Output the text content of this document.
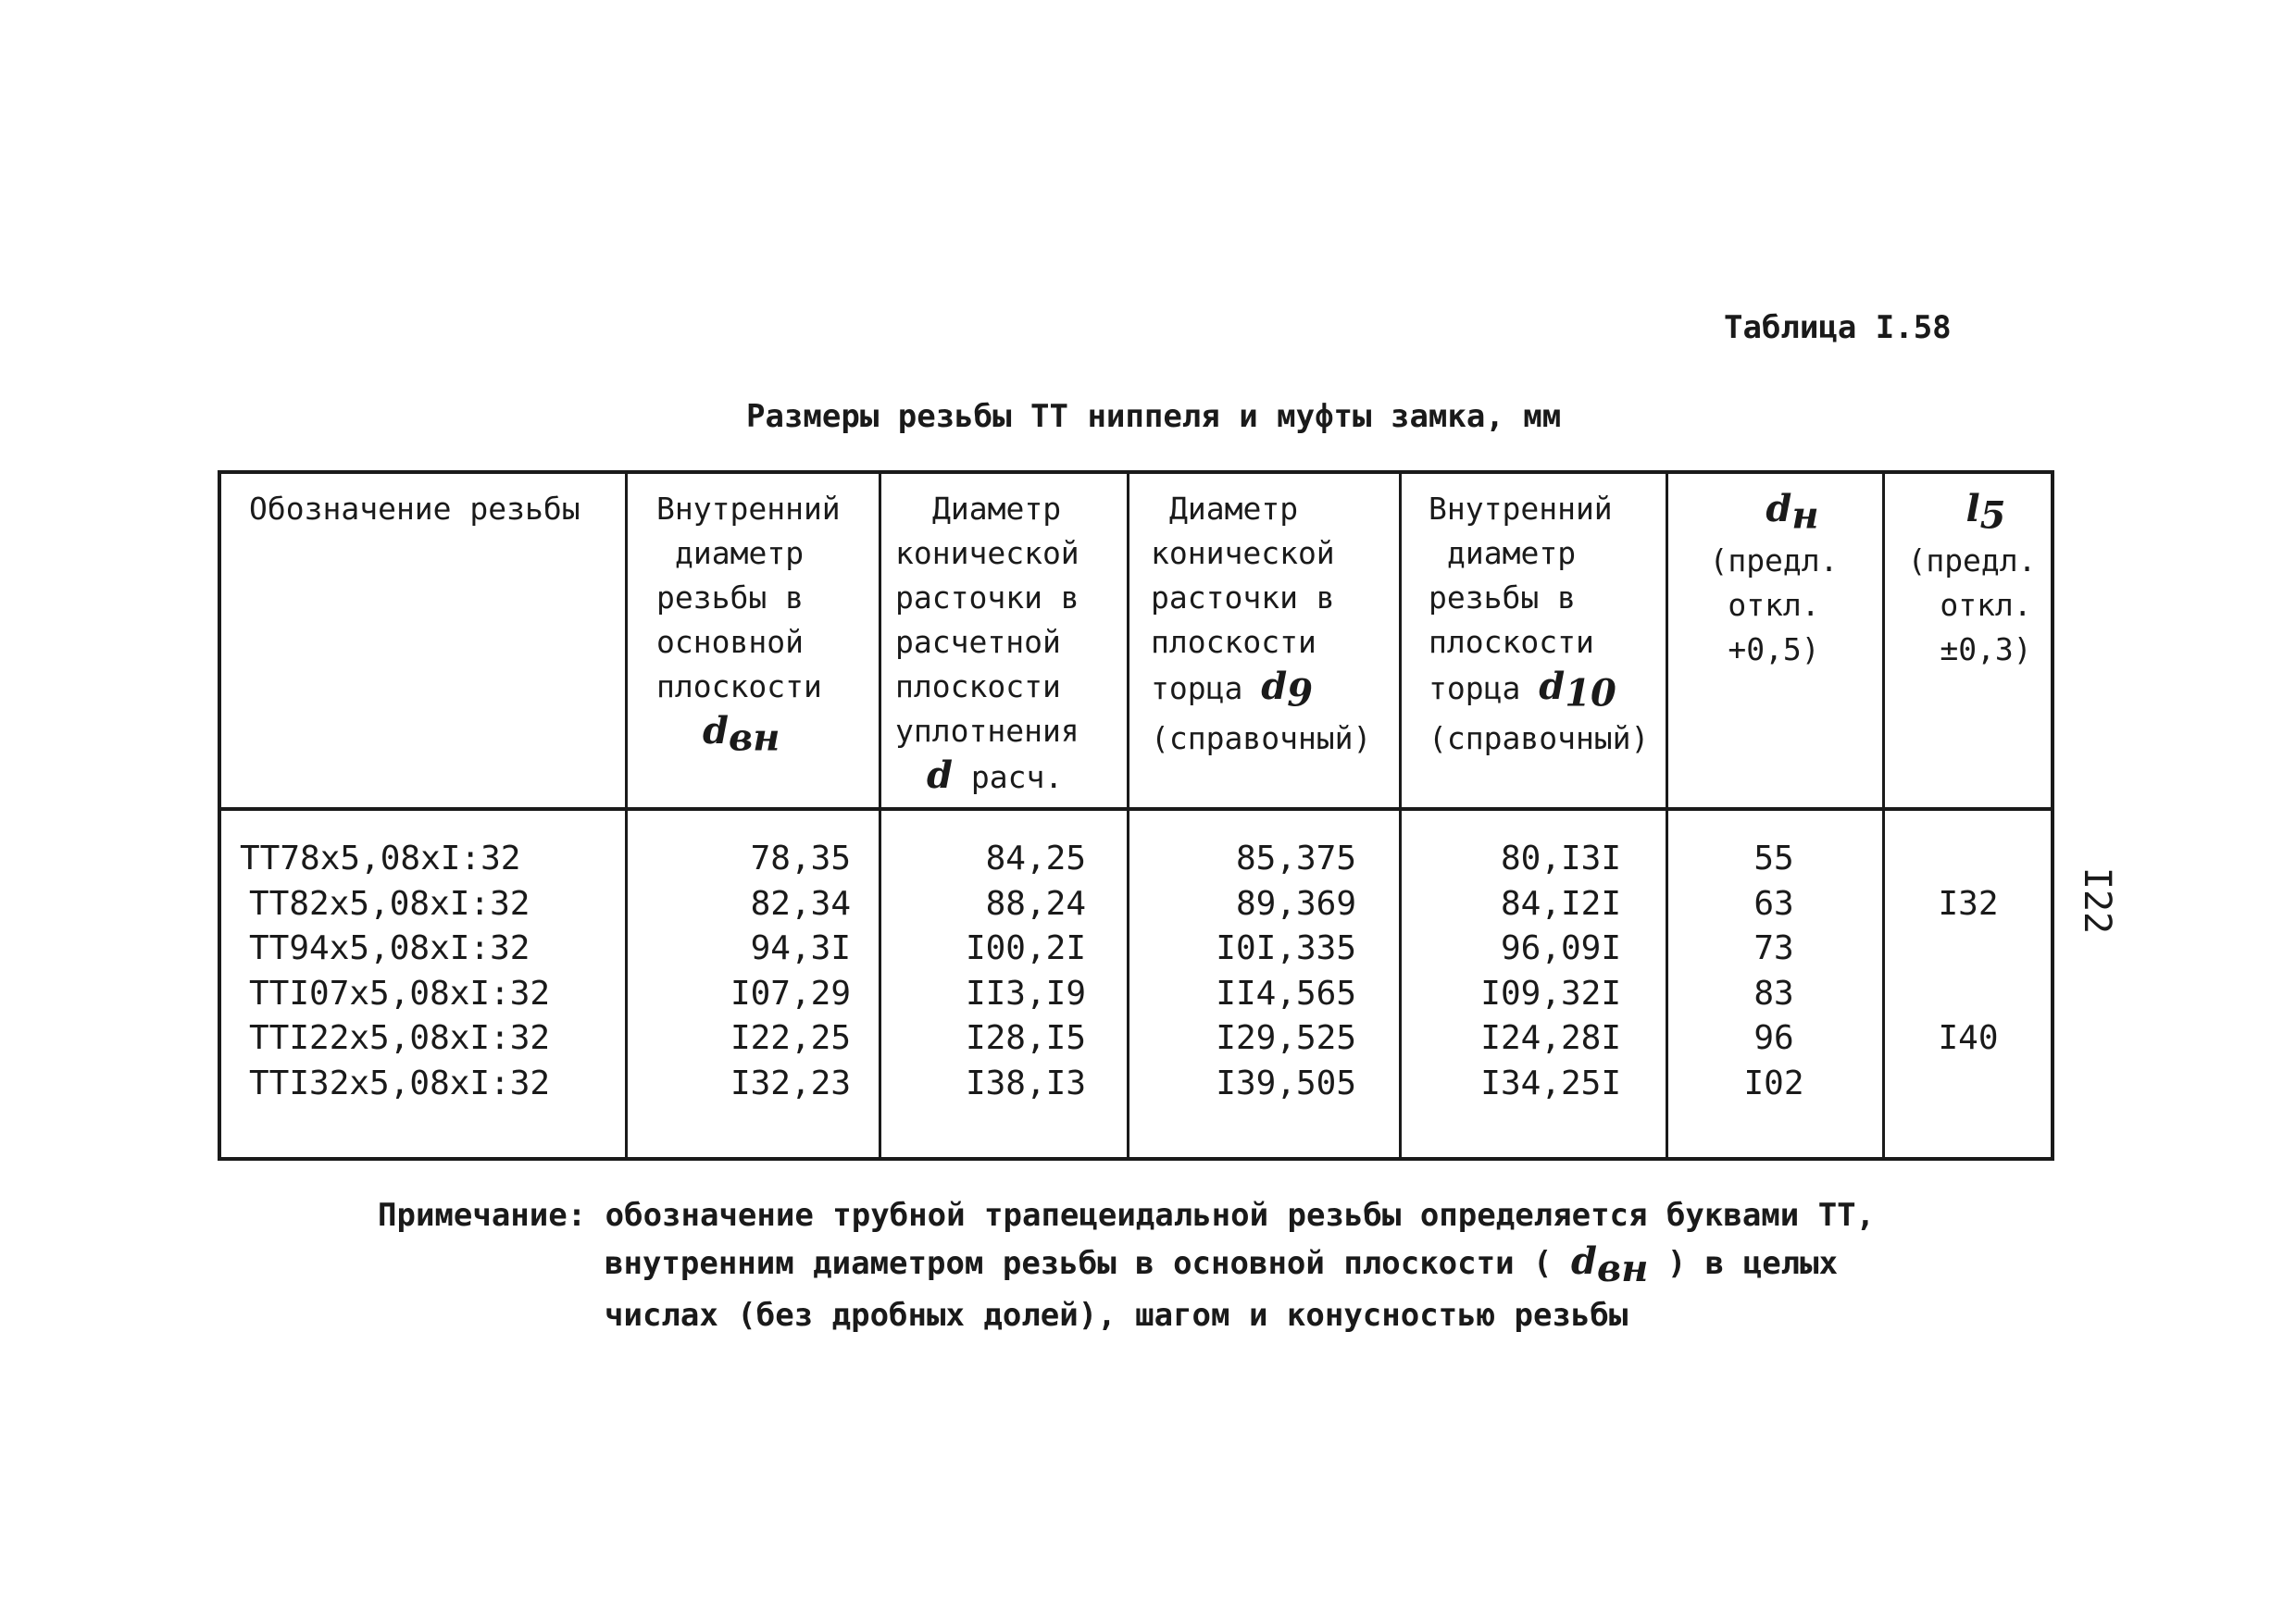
Таблица I.58
Размеры резьбы ТТ ниппеля и муфты замка, мм
I22
Обозначение резьбы Внутренний
диаметр
резьбы в
основной
плоскости
$d_{вн}$
Диаметр
конической
расточки в
расчетной
плоскости
уплотнения
d расч.
Диаметр
конической
расточки в
плоскости
торца $d_9$
(справочный)
Внутренний
диаметр
резьбы в
плоскости
торца $d_{10}$
(справочный)
$d_н$
(предл.
откл.
+0,5)
$l_5$
(предл.
откл.
±0,3)
ТТ78х5,08хI:32
ТТ82х5,08хI:32
ТТ94х5,08хI:32
ТТI07х5,08хI:32
ТТI22х5,08хI:32
ТТI32х5,08хI:32
78,35
82,34
94,3I
I07,29
I22,25
I32,23
84,25
88,24
I00,2I
II3,I9
I28,I5
I38,I3
85,375
89,369
I0I,335
II4,565
I29,525
I39,505
80,I3I
84,I2I
96,09I
I09,32I
I24,28I
I34,25I
55
63
73
83
96
I02
I32
I40
Примечание: обозначение трубной трапецеидальной резьбы определяется буквами ТТ,
внутренним диаметром резьбы в основной плоскости ( $d_{вн}$ ) в целых
числах (без дробных долей), шагом и конусностью резьбы
